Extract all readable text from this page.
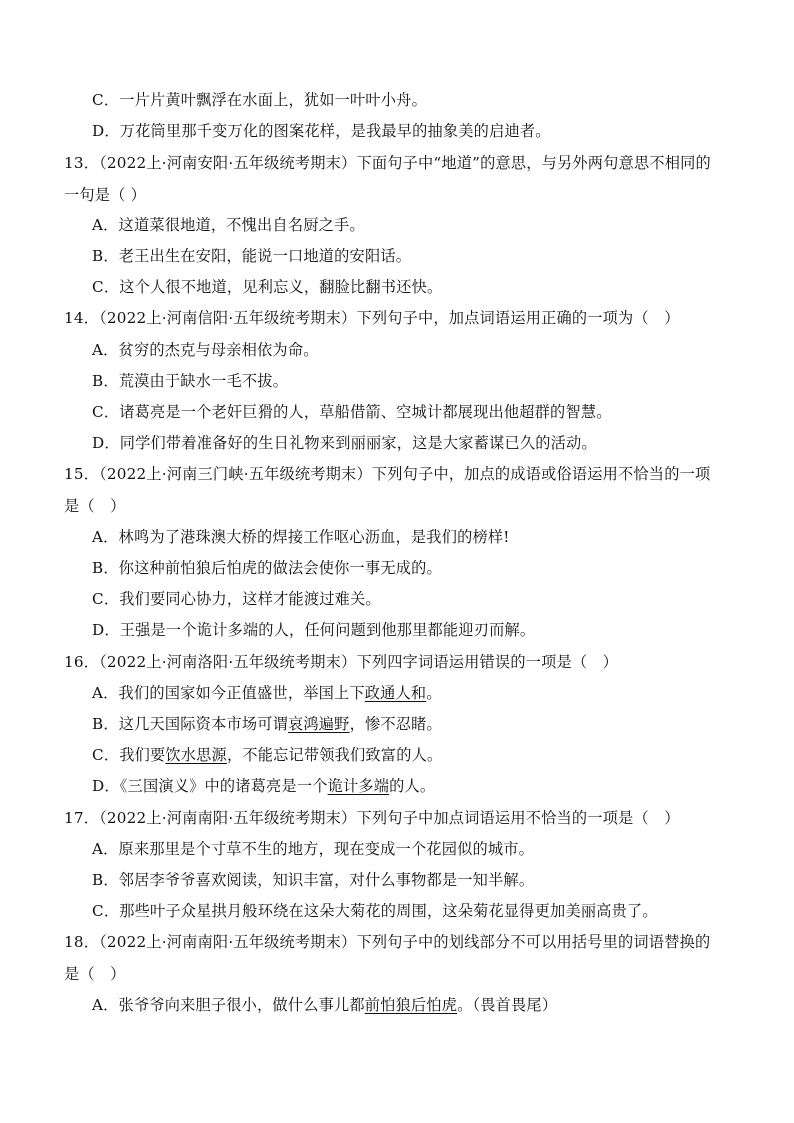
C．一片片黄叶飘浮在水面上，犹如一叶叶小舟。
D．万花筒里那千变万化的图案花样，是我最早的抽象美的启迪者。
13．（2022上·河南安阳·五年级统考期末）下面句子中“地道”的意思，与另外两句意思不相同的
一句是（ ）
A．这道菜很地道，不愧出自名厨之手。
B．老王出生在安阳，能说一口地道的安阳话。
C．这个人很不地道，见利忘义，翻脸比翻书还快。
14．（2022上·河南信阳·五年级统考期末）下列句子中，加点词语运用正确的一项为（　）
A．贫穷的杰克与母亲相依为命。
B．荒漠由于缺水一毛不拔。
C．诸葛亮是一个老奸巨猾的人，草船借箭、空城计都展现出他超群的智慧。
D．同学们带着准备好的生日礼物来到丽丽家，这是大家蓄谋已久的活动。
15．（2022上·河南三门峡·五年级统考期末）下列句子中，加点的成语或俗语运用不恰当的一项
是（　）
A．林鸣为了港珠澳大桥的焊接工作呕心沥血，是我们的榜样!
B．你这种前怕狼后怕虎的做法会使你一事无成的。
C．我们要同心协力，这样才能渡过难关。
D．王强是一个诡计多端的人，任何问题到他那里都能迎刃而解。
16．（2022上·河南洛阳·五年级统考期末）下列四字词语运用错误的一项是（　）
A．我们的国家如今正值盛世，举国上下政通人和。
B．这几天国际资本市场可谓哀鸿遍野，惨不忍睹。
C．我们要饮水思源，不能忘记带领我们致富的人。
D．《三国演义》中的诸葛亮是一个诡计多端的人。
17．（2022上·河南南阳·五年级统考期末）下列句子中加点词语运用不恰当的一项是（　）
A．原来那里是个寸草不生的地方，现在变成一个花园似的城市。
B．邻居李爷爷喜欢阅读，知识丰富，对什么事物都是一知半解。
C．那些叶子众星拱月般环绕在这朵大菊花的周围，这朵菊花显得更加美丽高贵了。
18．（2022上·河南南阳·五年级统考期末）下列句子中的划线部分不可以用括号里的词语替换的
是（　）
A．张爷爷向来胆子很小，做什么事儿都前怕狼后怕虎。（畏首畏尾）
